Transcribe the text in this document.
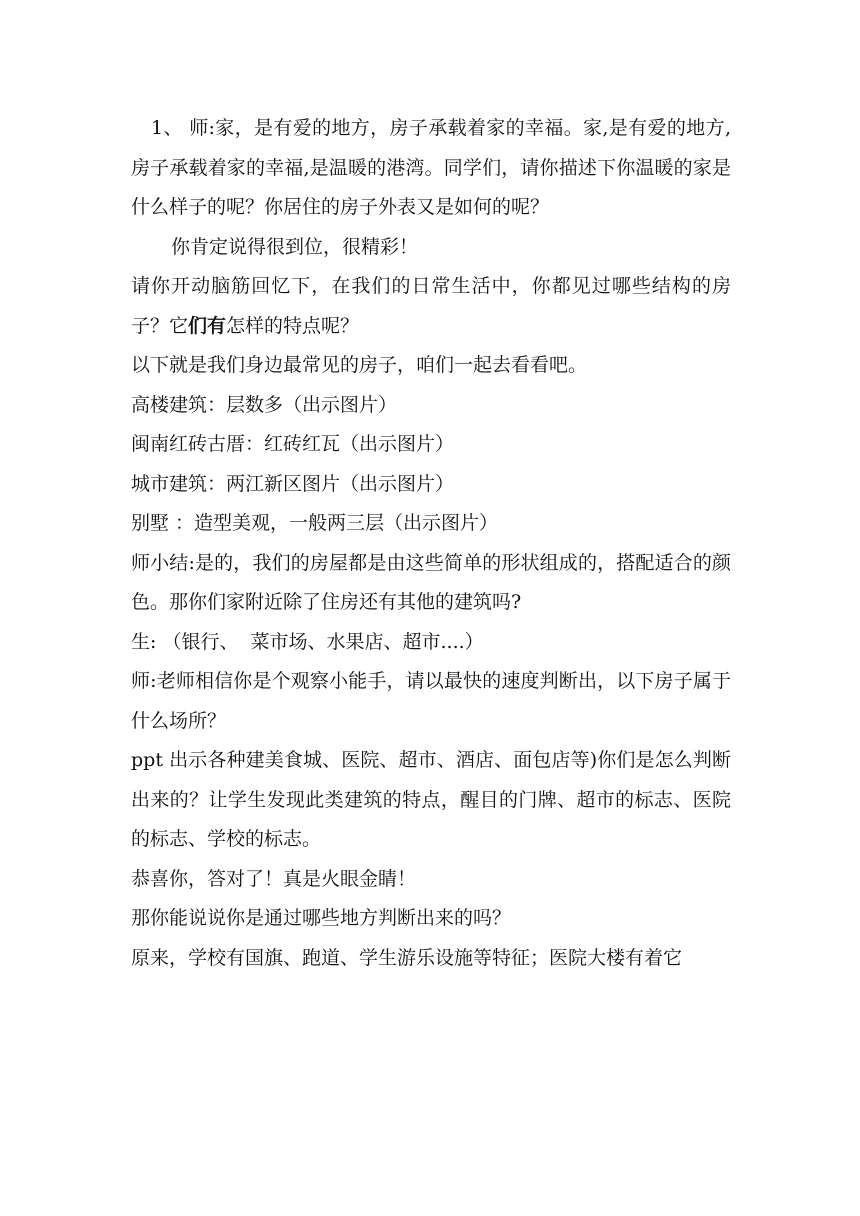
1、 师:家，是有爱的地方，房子承载着家的幸福。家,是有爱的地方,房子承载着家的幸福,是温暖的港湾。同学们，请你描述下你温暖的家是什么样子的呢？你居住的房子外表又是如何的呢？

你肯定说得很到位，很精彩！

请你开动脑筋回忆下，在我们的日常生活中，你都见过哪些结构的房子？它们有怎样的特点呢？

以下就是我们身边最常见的房子，咱们一起去看看吧。

高楼建筑：层数多（出示图片）

闽南红砖古厝：红砖红瓦（出示图片）

城市建筑：两江新区图片（出示图片）

别墅 ：造型美观，一般两三层（出示图片）

师小结:是的，我们的房屋都是由这些简单的形状组成的，搭配适合的颜色。那你们家附近除了住房还有其他的建筑吗?

生: （银行、  菜市场、水果店、超市....）

师:老师相信你是个观察小能手，请以最快的速度判断出，以下房子属于什么场所？

ppt 出示各种建美食城、医院、超市、酒店、面包店等)你们是怎么判断出来的？让学生发现此类建筑的特点，醒目的门牌、超市的标志、医院的标志、学校的标志。

恭喜你，答对了！真是火眼金睛！

那你能说说你是通过哪些地方判断出来的吗？

原来，学校有国旗、跑道、学生游乐设施等特征；医院大楼有着它
